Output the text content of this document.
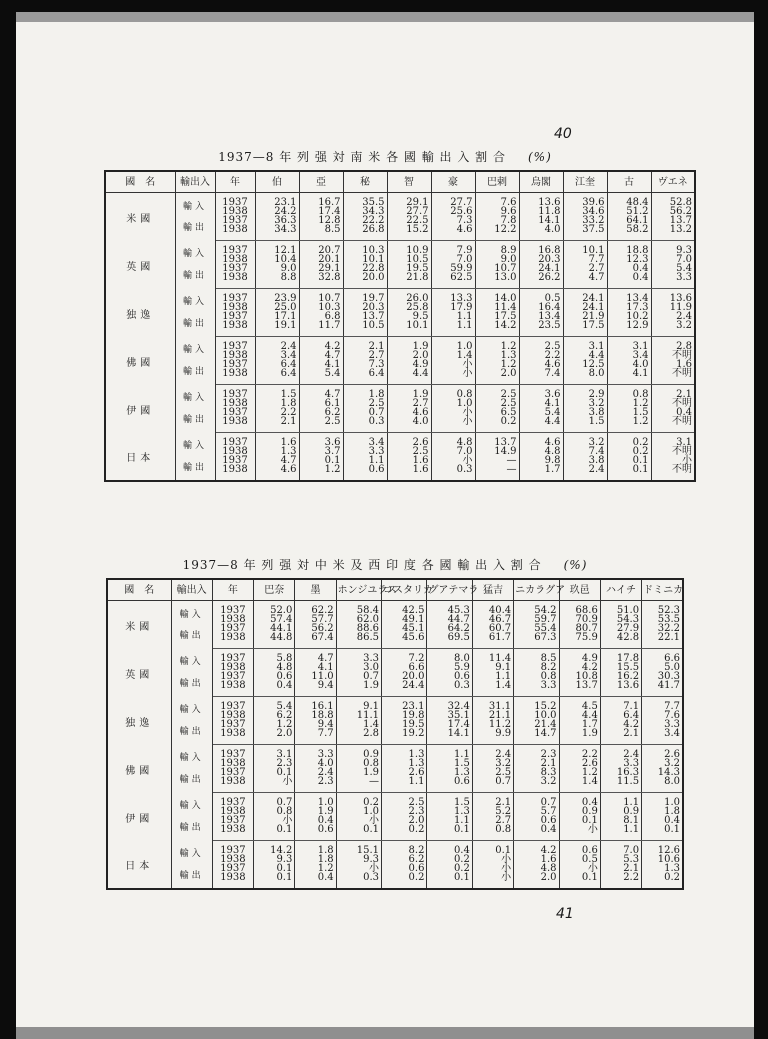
40
1937—8 年 列 强 対 南 米 各 國 輸 出 入 割 合 (%)
國　名	輸出入	年	伯	亞	秘	智	豪	巴剌	烏閣	江奎	古	ヴエネ
米國	輸入	1937	23.1	16.7	35.5	29.1	27.7	7.6	13.6	39.6	48.4	52.8
		1938	24.2	17.4	34.3	27.7	25.6	9.6	11.8	34.6	51.2	56.2
	輸出	1937	36.3	12.8	22.2	22.5	7.3	7.8	14.1	33.2	64.1	13.7
		1938	34.3	8.5	26.8	15.2	4.6	12.2	4.0	37.5	58.2	13.2
英國	輸入	1937	12.1	20.7	10.3	10.9	7.9	8.9	16.8	10.1	18.8	9.3
		1938	10.4	20.1	10.1	10.5	7.0	9.0	20.3	7.7	12.3	7.0
	輸出	1937	9.0	29.1	22.8	19.5	59.9	10.7	24.1	2.7	0.4	5.4
		1938	8.8	32.8	20.0	21.8	62.5	13.0	26.2	4.7	0.4	3.3
独逸	輸入	1937	23.9	10.7	19.7	26.0	13.3	14.0	0.5	24.1	13.4	13.6
		1938	25.0	10.3	20.3	25.8	17.9	11.4	16.4	24.1	17.3	11.9
	輸出	1937	17.1	6.8	13.7	9.5	1.1	17.5	13.4	21.9	10.2	2.4
		1938	19.1	11.7	10.5	10.1	1.1	14.2	23.5	17.5	12.9	3.2
佛國	輸入	1937	2.4	4.2	2.1	1.9	1.0	1.2	2.5	3.1	3.1	2.8
		1938	3.4	4.7	2.7	2.0	1.4	1.3	2.2	4.4	3.4	不明
	輸出	1937	6.4	4.1	7.3	4.9	小	1.2	4.6	12.5	4.0	1.6
		1938	6.4	5.4	6.4	4.4	小	2.0	7.4	8.0	4.1	不明
伊國	輸入	1937	1.5	4.7	1.8	1.9	0.8	2.5	3.6	2.9	0.8	2.1
		1938	1.8	6.1	2.5	2.7	1.0	2.5	4.1	3.2	1.2	不明
	輸出	1937	2.2	6.2	0.7	4.6	小	6.5	5.4	3.8	1.5	0.4
		1938	2.1	2.5	0.3	4.0	小	0.2	4.4	1.5	1.2	不明
日本	輸入	1937	1.6	3.6	3.4	2.6	4.8	13.7	4.6	3.2	0.2	3.1
		1938	1.3	3.7	3.3	2.5	7.0	14.9	4.8	7.4	0.2	不明
	輸出	1937	4.7	0.1	1.1	1.6	小	—	9.8	3.8	0.1	小
		1938	4.6	1.2	0.6	1.6	0.3	—	1.7	2.4	0.1	不明
1937—8 年 列 强 対 中 米 及 西 印 度 各 國 輸 出 入 割 合 (%)
國　名	輸出入	年	巴奈	墨	ホンジユラス	コスタリカ	グアテマラ	猛吉	ニカラグア	玖邑	ハイチ	ドミニカ
米國	輸入	1937	52.0	62.2	58.4	42.5	45.3	40.4	54.2	68.6	51.0	52.3
		1938	57.4	57.7	62.0	49.1	44.7	46.7	59.7	70.9	54.3	53.5
	輸出	1937	44.1	56.2	88.6	45.1	64.2	60.7	55.4	80.7	27.9	32.2
		1938	44.8	67.4	86.5	45.6	69.5	61.7	67.3	75.9	42.8	22.1
英國	輸入	1937	5.8	4.7	3.3	7.2	8.0	11.4	8.5	4.9	17.8	6.6
		1938	4.8	4.1	3.0	6.6	5.9	9.1	8.2	4.2	15.5	5.0
	輸出	1937	0.6	11.0	0.7	20.0	0.6	1.1	0.8	10.8	16.2	30.3
		1938	0.4	9.4	1.9	24.4	0.3	1.4	3.3	13.7	13.6	41.7
独逸	輸入	1937	5.4	16.1	9.1	23.1	32.4	31.1	15.2	4.5	7.1	7.7
		1938	6.2	18.8	11.1	19.8	35.1	21.1	10.0	4.4	6.4	7.6
	輸出	1937	1.2	9.4	1.4	19.5	17.4	11.2	21.4	1.7	4.2	3.3
		1938	2.0	7.7	2.8	19.2	14.1	9.9	14.7	1.9	2.1	3.4
佛國	輸入	1937	3.1	3.3	0.9	1.3	1.1	2.4	2.3	2.2	2.4	2.6
		1938	2.3	4.0	0.8	1.3	1.5	3.2	2.1	2.6	3.3	3.2
	輸出	1937	0.1	2.4	1.9	2.6	1.3	2.5	8.3	1.2	16.3	14.3
		1938	小	2.3	—	1.1	0.6	0.7	3.2	1.4	11.5	8.0
伊國	輸入	1937	0.7	1.0	0.2	2.5	1.5	2.1	0.7	0.4	1.1	1.0
		1938	0.8	1.9	1.0	2.3	1.3	5.2	5.7	0.9	0.9	1.8
	輸出	1937	小	0.4	小	2.0	1.1	2.7	0.6	0.1	8.1	0.4
		1938	0.1	0.6	0.1	0.2	0.1	0.8	0.4	小	1.1	0.1
日本	輸入	1937	14.2	1.8	15.1	8.2	0.4	0.1	4.2	0.6	7.0	12.6
		1938	9.3	1.8	9.3	6.2	0.2	小	1.6	0.5	5.3	10.6
	輸出	1937	0.1	1.2	小	0.6	0.2	小	4.8	小	2.1	1.3
		1938	0.1	0.4	0.3	0.2	0.1	小	2.0	0.1	2.2	0.2
41
